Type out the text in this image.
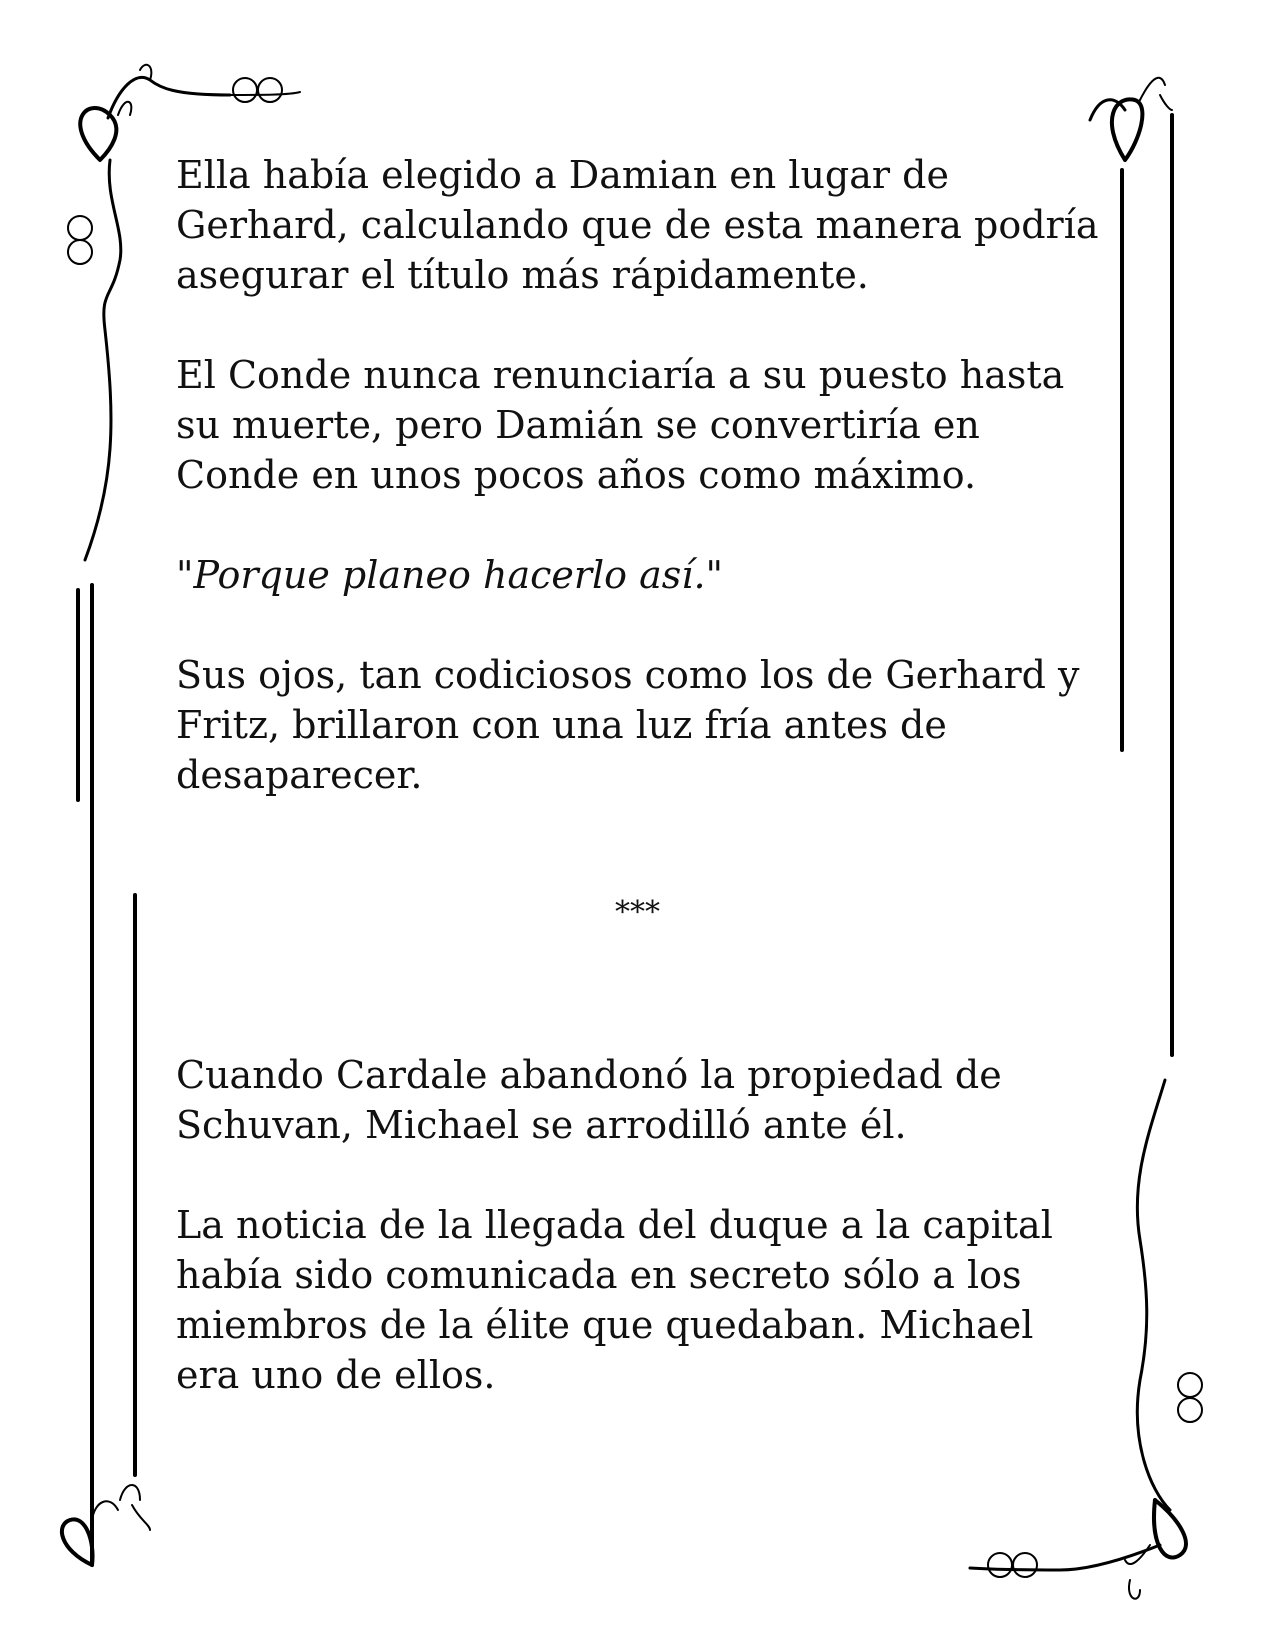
Ella había elegido a Damian en lugar de Gerhard, calculando que de esta manera podría asegurar el título más rápidamente.

El Conde nunca renunciaría a su puesto hasta su muerte, pero Damián se convertiría en Conde en unos pocos años como máximo.

"Porque planeo hacerlo así."

Sus ojos, tan codiciosos como los de Gerhard y Fritz, brillaron con una luz fría antes de desaparecer.

***

Cuando Cardale abandonó la propiedad de Schuvan, Michael se arrodilló ante él.

La noticia de la llegada del duque a la capital había sido comunicada en secreto sólo a los miembros de la élite que quedaban. Michael era uno de ellos.
